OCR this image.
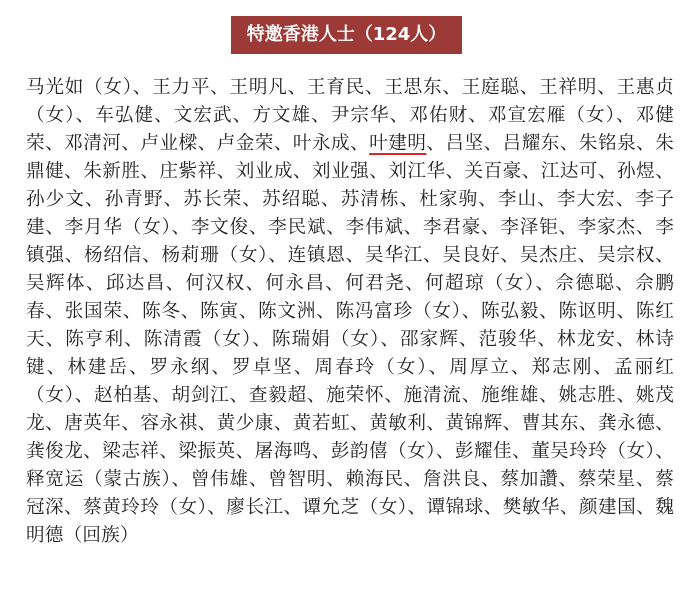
特邀香港人士（124人）
马光如（女）、王力平、王明凡、王育民、王思东、王庭聪、王祥明、王惠贞（女）、车弘健、文宏武、方文雄、尹宗华、邓佑财、邓宣宏雁（女）、邓健荣、邓清河、卢业樑、卢金荣、叶永成、叶建明、吕坚、吕耀东、朱铭泉、朱鼎健、朱新胜、庄紫祥、刘业成、刘业强、刘江华、关百豪、江达可、孙煜、孙少文、孙青野、苏长荣、苏绍聪、苏清栋、杜家驹、李山、李大宏、李子建、李月华（女）、李文俊、李民斌、李伟斌、李君豪、李泽钜、李家杰、李镇强、杨绍信、杨莉珊（女）、连镇恩、吴华江、吴良好、吴杰庄、吴宗权、吴辉体、邱达昌、何汉权、何永昌、何君尧、何超琼（女）、佘德聪、佘鹏春、张国荣、陈冬、陈寅、陈文洲、陈冯富珍（女）、陈弘毅、陈讴明、陈红天、陈亨利、陈清霞（女）、陈瑞娟（女）、邵家辉、范骏华、林龙安、林诗键、林建岳、罗永纲、罗卓坚、周春玲（女）、周厚立、郑志刚、孟丽红（女）、赵柏基、胡剑江、查毅超、施荣怀、施清流、施维雄、姚志胜、姚茂龙、唐英年、容永祺、黄少康、黄若虹、黄敏利、黄锦辉、曹其东、龚永德、龚俊龙、梁志祥、梁振英、屠海鸣、彭韵僖（女）、彭耀佳、董吴玲玲（女）、释宽运（蒙古族）、曾伟雄、曾智明、赖海民、詹洪良、蔡加讚、蔡荣星、蔡冠深、蔡黄玲玲（女）、廖长江、谭允芝（女）、谭锦球、樊敏华、颜建国、魏明德（回族）
